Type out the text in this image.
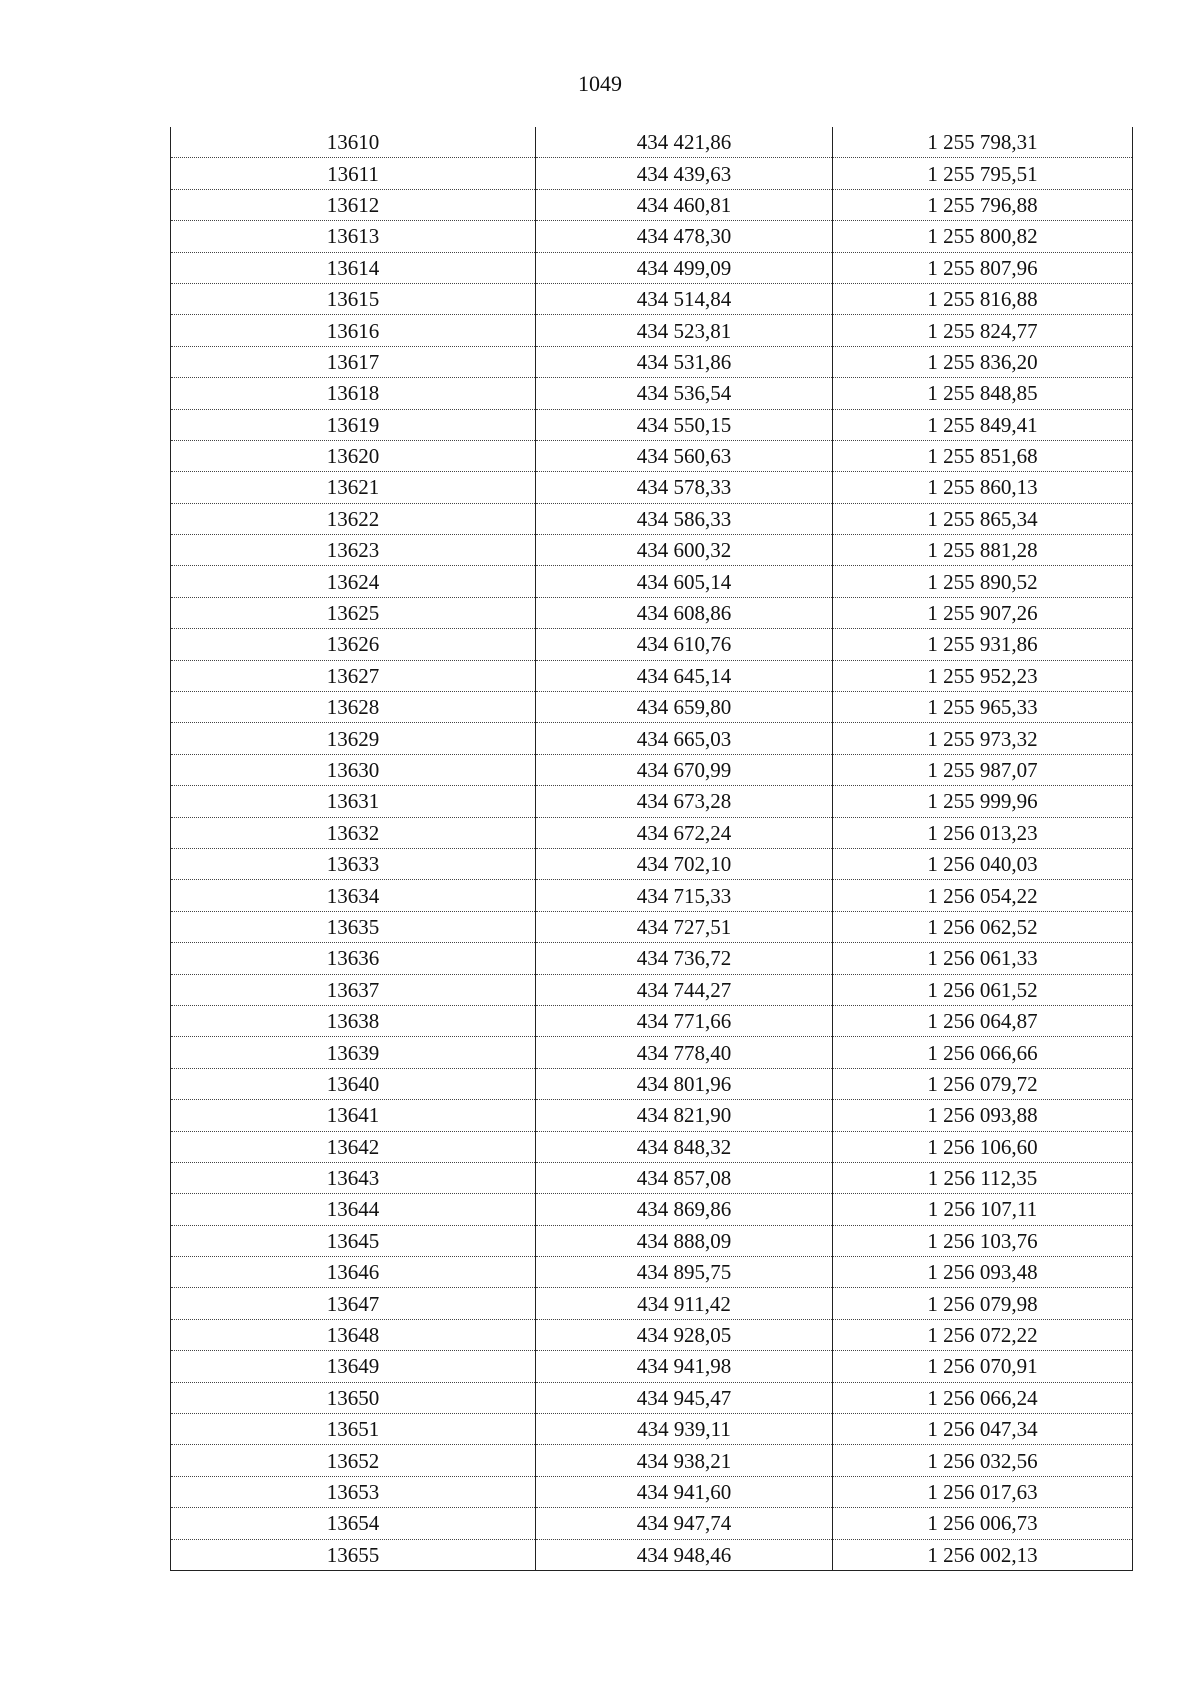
1049
13610	434 421,86	1 255 798,31
13611	434 439,63	1 255 795,51
13612	434 460,81	1 255 796,88
13613	434 478,30	1 255 800,82
13614	434 499,09	1 255 807,96
13615	434 514,84	1 255 816,88
13616	434 523,81	1 255 824,77
13617	434 531,86	1 255 836,20
13618	434 536,54	1 255 848,85
13619	434 550,15	1 255 849,41
13620	434 560,63	1 255 851,68
13621	434 578,33	1 255 860,13
13622	434 586,33	1 255 865,34
13623	434 600,32	1 255 881,28
13624	434 605,14	1 255 890,52
13625	434 608,86	1 255 907,26
13626	434 610,76	1 255 931,86
13627	434 645,14	1 255 952,23
13628	434 659,80	1 255 965,33
13629	434 665,03	1 255 973,32
13630	434 670,99	1 255 987,07
13631	434 673,28	1 255 999,96
13632	434 672,24	1 256 013,23
13633	434 702,10	1 256 040,03
13634	434 715,33	1 256 054,22
13635	434 727,51	1 256 062,52
13636	434 736,72	1 256 061,33
13637	434 744,27	1 256 061,52
13638	434 771,66	1 256 064,87
13639	434 778,40	1 256 066,66
13640	434 801,96	1 256 079,72
13641	434 821,90	1 256 093,88
13642	434 848,32	1 256 106,60
13643	434 857,08	1 256 112,35
13644	434 869,86	1 256 107,11
13645	434 888,09	1 256 103,76
13646	434 895,75	1 256 093,48
13647	434 911,42	1 256 079,98
13648	434 928,05	1 256 072,22
13649	434 941,98	1 256 070,91
13650	434 945,47	1 256 066,24
13651	434 939,11	1 256 047,34
13652	434 938,21	1 256 032,56
13653	434 941,60	1 256 017,63
13654	434 947,74	1 256 006,73
13655	434 948,46	1 256 002,13
